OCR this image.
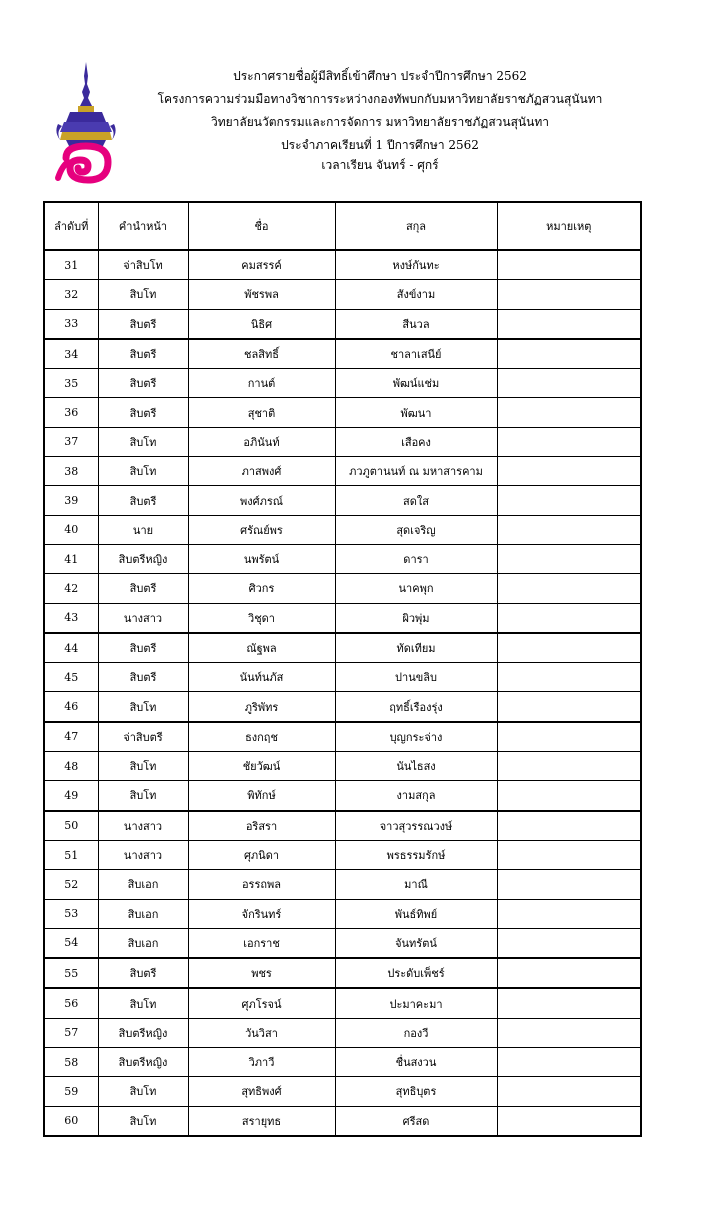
ประกาศรายชื่อผู้มีสิทธิ์เข้าศึกษา ประจำปีการศึกษา 2562
โครงการความร่วมมือทางวิชาการระหว่างกองทัพบกกับมหาวิทยาลัยราชภัฏสวนสุนันทา
วิทยาลัยนวัตกรรมและการจัดการ มหาวิทยาลัยราชภัฏสวนสุนันทา
ประจำภาคเรียนที่ 1 ปีการศึกษา 2562
เวลาเรียน จันทร์ - ศุกร์
ลำดับที่	คำนำหน้า	ชื่อ	สกุล	หมายเหตุ
31	จ่าสิบโท	คมสรรค์	หงษ์กันทะ	
32	สิบโท	พัชรพล	สังข์งาม	
33	สิบตรี	นิธิศ	สีนวล	
34	สิบตรี	ชลสิทธิ์	ชาลาเสนีย์	
35	สิบตรี	กานต์	พัฒน์แช่ม	
36	สิบตรี	สุชาติ	พัฒนา	
37	สิบโท	อภินันท์	เสือคง	
38	สิบโท	ภาสพงศ์	ภวภูตานนท์ ณ มหาสารคาม	
39	สิบตรี	พงศ์ภรณ์	สดใส	
40	นาย	ศรัณย์พร	สุดเจริญ	
41	สิบตรีหญิง	นพรัตน์	ดารา	
42	สิบตรี	ศิวกร	นาคพุก	
43	นางสาว	วิชุดา	ผิวพุ่ม	
44	สิบตรี	ณัฐพล	ทัดเทียม	
45	สิบตรี	นันท์นภัส	ปานขลิบ	
46	สิบโท	ภูริพัทร	ฤทธิ์เรืองรุ่ง	
47	จ่าสิบตรี	ธงกฤช	บุญกระจ่าง	
48	สิบโท	ชัยวัฒน์	นันไธสง	
49	สิบโท	พิทักษ์	งามสกุล	
50	นางสาว	อริสรา	จาวสุวรรณวงษ์	
51	นางสาว	ศุภนิดา	พรธรรมรักษ์	
52	สิบเอก	อรรถพล	มาณี	
53	สิบเอก	จักรินทร์	พันธ์ทิพย์	
54	สิบเอก	เอกราช	จันทรัตน์	
55	สิบตรี	พชร	ประดับเพ็ชร์	
56	สิบโท	ศุภโรจน์	ปะมาคะมา	
57	สิบตรีหญิง	วันวิสา	กองวี	
58	สิบตรีหญิง	วิภาวี	ชื่นสงวน	
59	สิบโท	สุทธิพงศ์	สุทธิบุตร	
60	สิบโท	สรายุทธ	ศรีสด	
